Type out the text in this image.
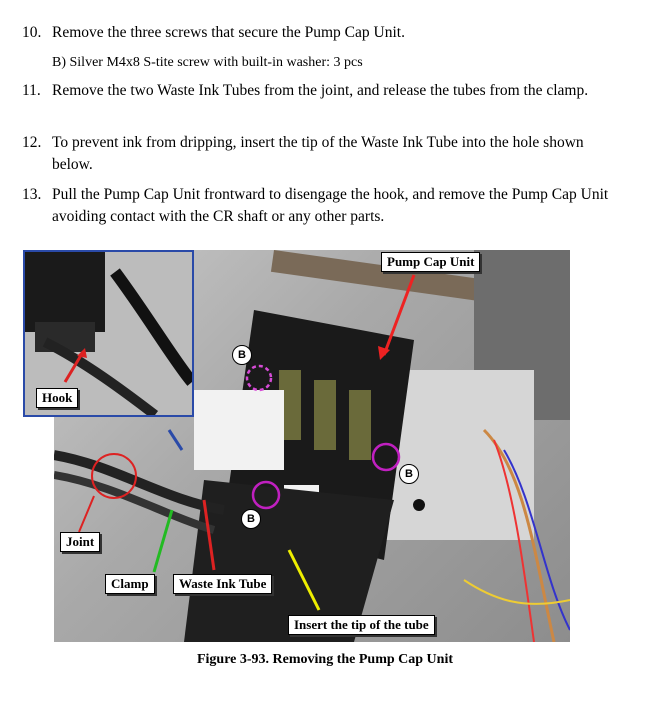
10. Remove the three screws that secure the Pump Cap Unit.
B) Silver M4x8 S-tite screw with built-in washer: 3 pcs
11. Remove the two Waste Ink Tubes from the joint, and release the tubes from the clamp.
12. To prevent ink from dripping, insert the tip of the Waste Ink Tube into the hole shown below.
13. Pull the Pump Cap Unit frontward to disengage the hook, and remove the Pump Cap Unit avoiding contact with the CR shaft or any other parts.
Pump Cap Unit
Hook
Joint
Clamp	Waste Ink Tube
Insert the tip of the tube
B
B
B
Figure 3-93. Removing the Pump Cap Unit
